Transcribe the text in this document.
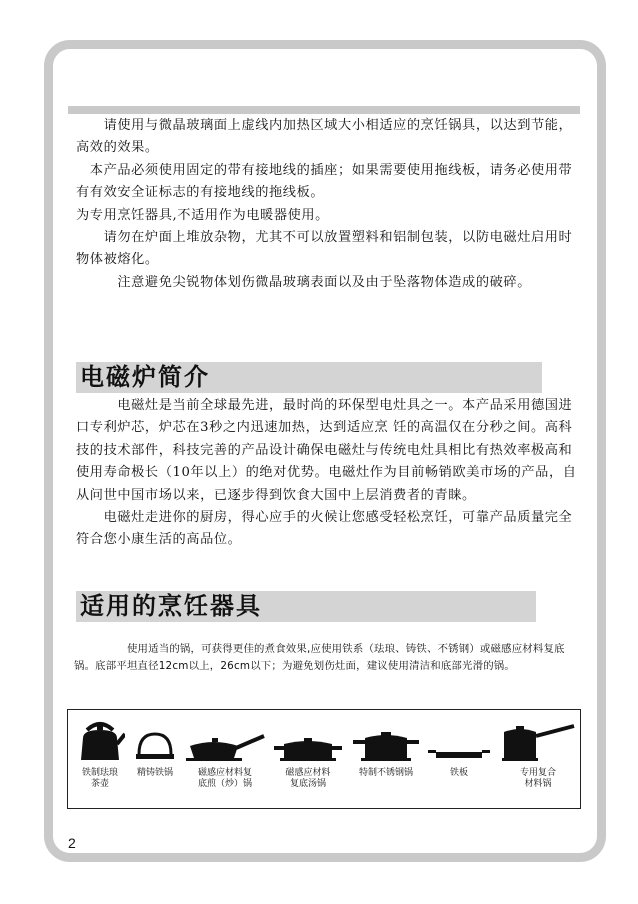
　　请使用与微晶玻璃面上虚线内加热区域大小相适应的烹饪锅具，以达到节能，高效的效果。

　本产品必须使用固定的带有接地线的插座；如果需要使用拖线板，请务必使用带有有效安全证标志的有接地线的拖线板。

为专用烹饪器具,不适用作为电暖器使用。

　　请勿在炉面上堆放杂物，尤其不可以放置塑料和铝制包装，以防电磁灶启用时物体被熔化。

　　　注意避免尖锐物体划伤微晶玻璃表面以及由于坠落物体造成的破碎。

电磁炉简介

　　　电磁灶是当前全球最先进，最时尚的环保型电灶具之一。本产品采用德国进口专利炉芯，炉芯在3秒之内迅速加热，达到适应烹 饪的高温仅在分秒之间。高科技的技术部件，科技完善的产品设计确保电磁灶与传统电灶具相比有热效率极高和使用寿命极长（10年以上）的绝对优势。电磁灶作为目前畅销欧美市场的产品，自从问世中国市场以来，已逐步得到饮食大国中上层消费者的青睐。

　　电磁灶走进你的厨房，得心应手的火候让您感受轻松烹饪，可靠产品质量完全符合您小康生活的高品位。

适用的烹饪器具

　　　　　使用适当的锅，可获得更佳的煮食效果,应使用铁系（珐琅、铸铁、不锈钢）或磁感应材料复底锅。底部平坦直径12cm以上，26cm以下；为避免划伤灶面，建议使用清洁和底部光滑的锅。

铁制珐琅
茶壶
精铸铁锅	磁感应材料复
底煎（炒）锅
磁感应材料
复底汤锅
特制不锈钢锅	铁板	专用复合
材料锅
2
